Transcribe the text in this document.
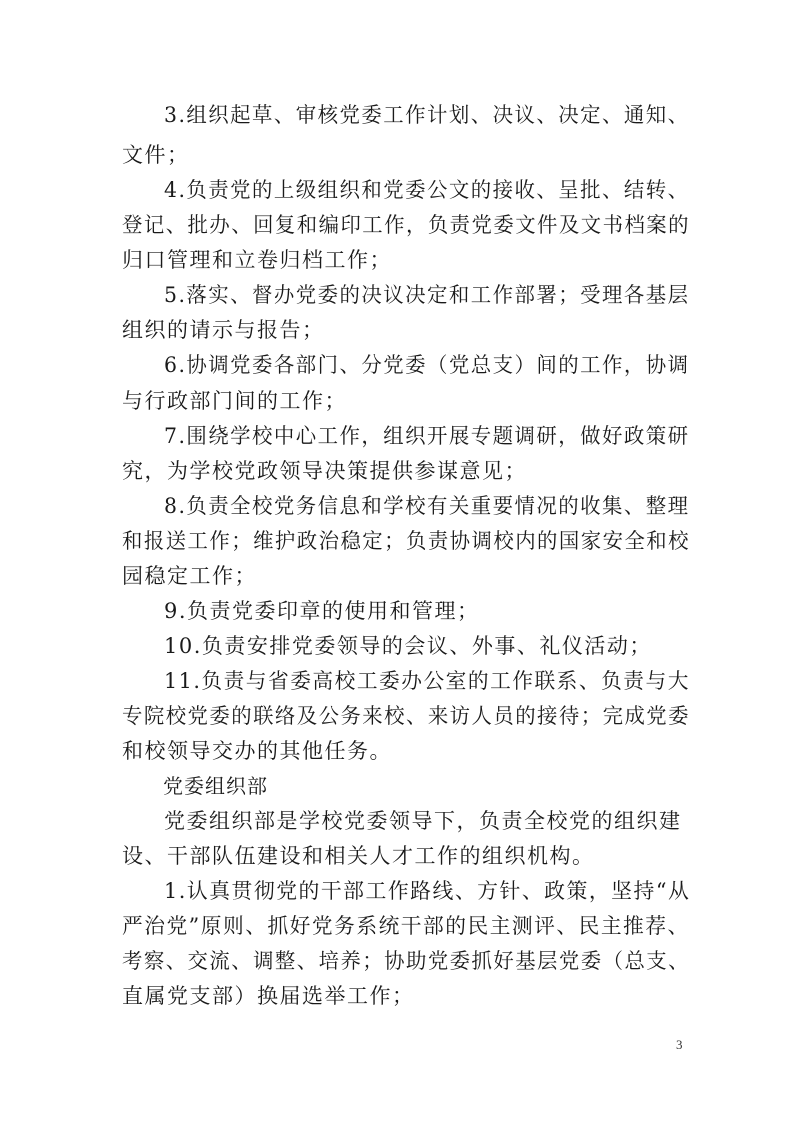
3.组织起草、审核党委工作计划、决议、决定、通知、
文件；
4.负责党的上级组织和党委公文的接收、呈批、结转、
登记、批办、回复和编印工作，负责党委文件及文书档案的
归口管理和立卷归档工作；
5.落实、督办党委的决议决定和工作部署；受理各基层
组织的请示与报告；
6.协调党委各部门、分党委（党总支）间的工作，协调
与行政部门间的工作；
7.围绕学校中心工作，组织开展专题调研，做好政策研
究，为学校党政领导决策提供参谋意见；
8.负责全校党务信息和学校有关重要情况的收集、整理
和报送工作；维护政治稳定；负责协调校内的国家安全和校
园稳定工作；
9.负责党委印章的使用和管理；
10.负责安排党委领导的会议、外事、礼仪活动；
11.负责与省委高校工委办公室的工作联系、负责与大
专院校党委的联络及公务来校、来访人员的接待；完成党委
和校领导交办的其他任务。
党委组织部
党委组织部是学校党委领导下，负责全校党的组织建
设、干部队伍建设和相关人才工作的组织机构。
1.认真贯彻党的干部工作路线、方针、政策，坚持“从
严治党”原则、抓好党务系统干部的民主测评、民主推荐、
考察、交流、调整、培养；协助党委抓好基层党委（总支、
直属党支部）换届选举工作；
3
